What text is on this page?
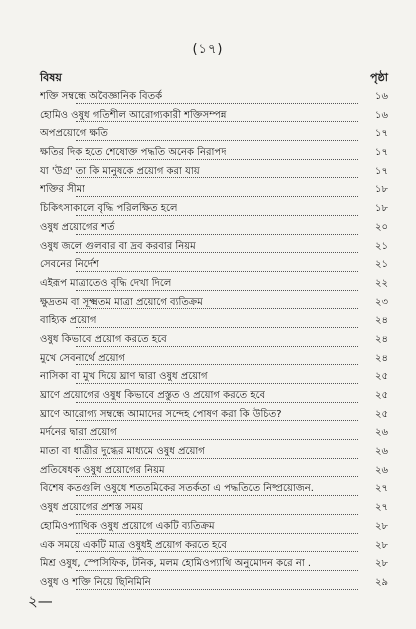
(১৭)
বিষয়	পৃষ্ঠা
শক্তি সম্বন্ধে অবৈজ্ঞানিক বিতর্ক	১৬
হোমিও ওষুধ গতিশীল আরোগ্যকারী শক্তিসম্পন্ন	১৬
অপপ্রয়োগে ক্ষতি	১৭
ক্ষতির দিক হতে শেষোক্ত পদ্ধতি অনেক নিরাপদ	১৭
যা 'উগ্র' তা কি মানুষকে প্রয়োগ করা যায়	১৭
শক্তির সীমা	১৮
চিকিৎসাকালে বৃদ্ধি পরিলক্ষিত হলে	১৮
ওষুধ প্রয়োগের শর্ত	২০
ওষুধ জলে গুলবার বা দ্রব করবার নিয়ম	২১
সেবনের নির্দেশ	২১
এইরূপ মাত্রাতেও বৃদ্ধি দেখা দিলে	২২
ক্ষুদ্রতম বা সূক্ষ্মতম মাত্রা প্রয়োগে ব্যতিক্রম	২৩
বাহ্যিক প্রয়োগ	২৪
ওষুধ কিভাবে প্রয়োগ করতে হবে	২৪
মুখে সেবনার্থে প্রয়োগ	২৪
নাসিকা বা মুখ দিয়ে ঘ্রাণ দ্বারা ওষুধ প্রয়োগ	২৫
ঘ্রাণে প্রয়োগের ওষুধ কিভাবে প্রস্তুত ও প্রয়োগ করতে হবে	২৫
ঘ্রাণে আরোগ্য সম্বন্ধে আমাদের সন্দেহ পোষণ করা কি উচিত?	২৫
মর্দনের দ্বারা প্রয়োগ	২৬
মাতা বা ধাত্রীর দুগ্ধের মাধ্যমে ওষুধ প্রয়োগ	২৬
প্রতিষেধক ওষুধ প্রয়োগের নিয়ম	২৬
বিশেষ কতগুলি ওষুধে শততমিকের সতর্কতা এ পদ্ধতিতে নিষ্প্রয়োজন.	২৭
ওষুধ প্রয়োগের প্রশস্ত সময়	২৭
হোমিওপ্যাথিক ওষুধ প্রয়োগে একটি ব্যতিক্রম	২৮
এক সময়ে একটি মাত্র ওষুধই প্রয়োগ করতে হবে	২৮
মিশ্র ওষুধ, স্পেসিফিক, টনিক, মলম হোমিওপ্যাথি অনুমোদন করে না .	২৮
ওষুধ ও শক্তি নিয়ে ছিনিমিনি	২৯
২—
